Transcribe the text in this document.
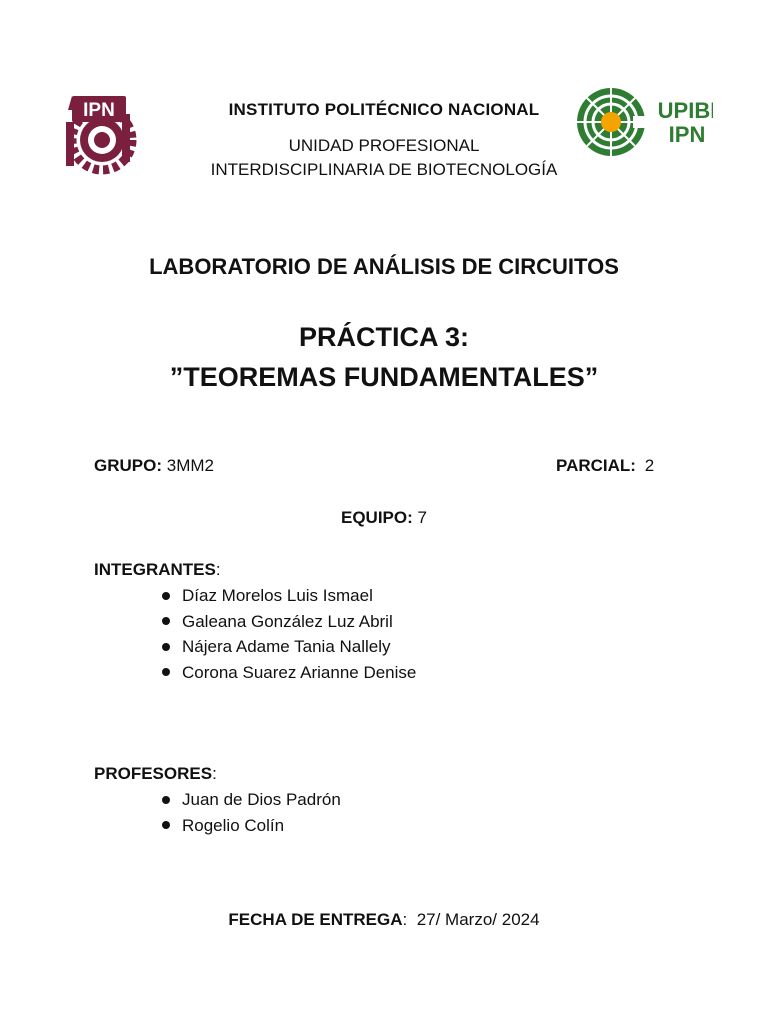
IPN	INSTITUTO POLITÉCNICO NACIONAL
UNIDAD PROFESIONAL
INTERDISCIPLINARIA DE BIOTECNOLOGÍA
UPIBI
IPN
LABORATORIO DE ANÁLISIS DE CIRCUITOS
PRÁCTICA 3:
”TEOREMAS FUNDAMENTALES”
GRUPO: 3MM2	PARCIAL: 2
EQUIPO: 7
INTEGRANTES:
Díaz Morelos Luis Ismael
Galeana González Luz Abril
Nájera Adame Tania Nallely
Corona Suarez Arianne Denise
PROFESORES:
Juan de Dios Padrón
Rogelio Colín
FECHA DE ENTREGA:  27/ Marzo/ 2024
